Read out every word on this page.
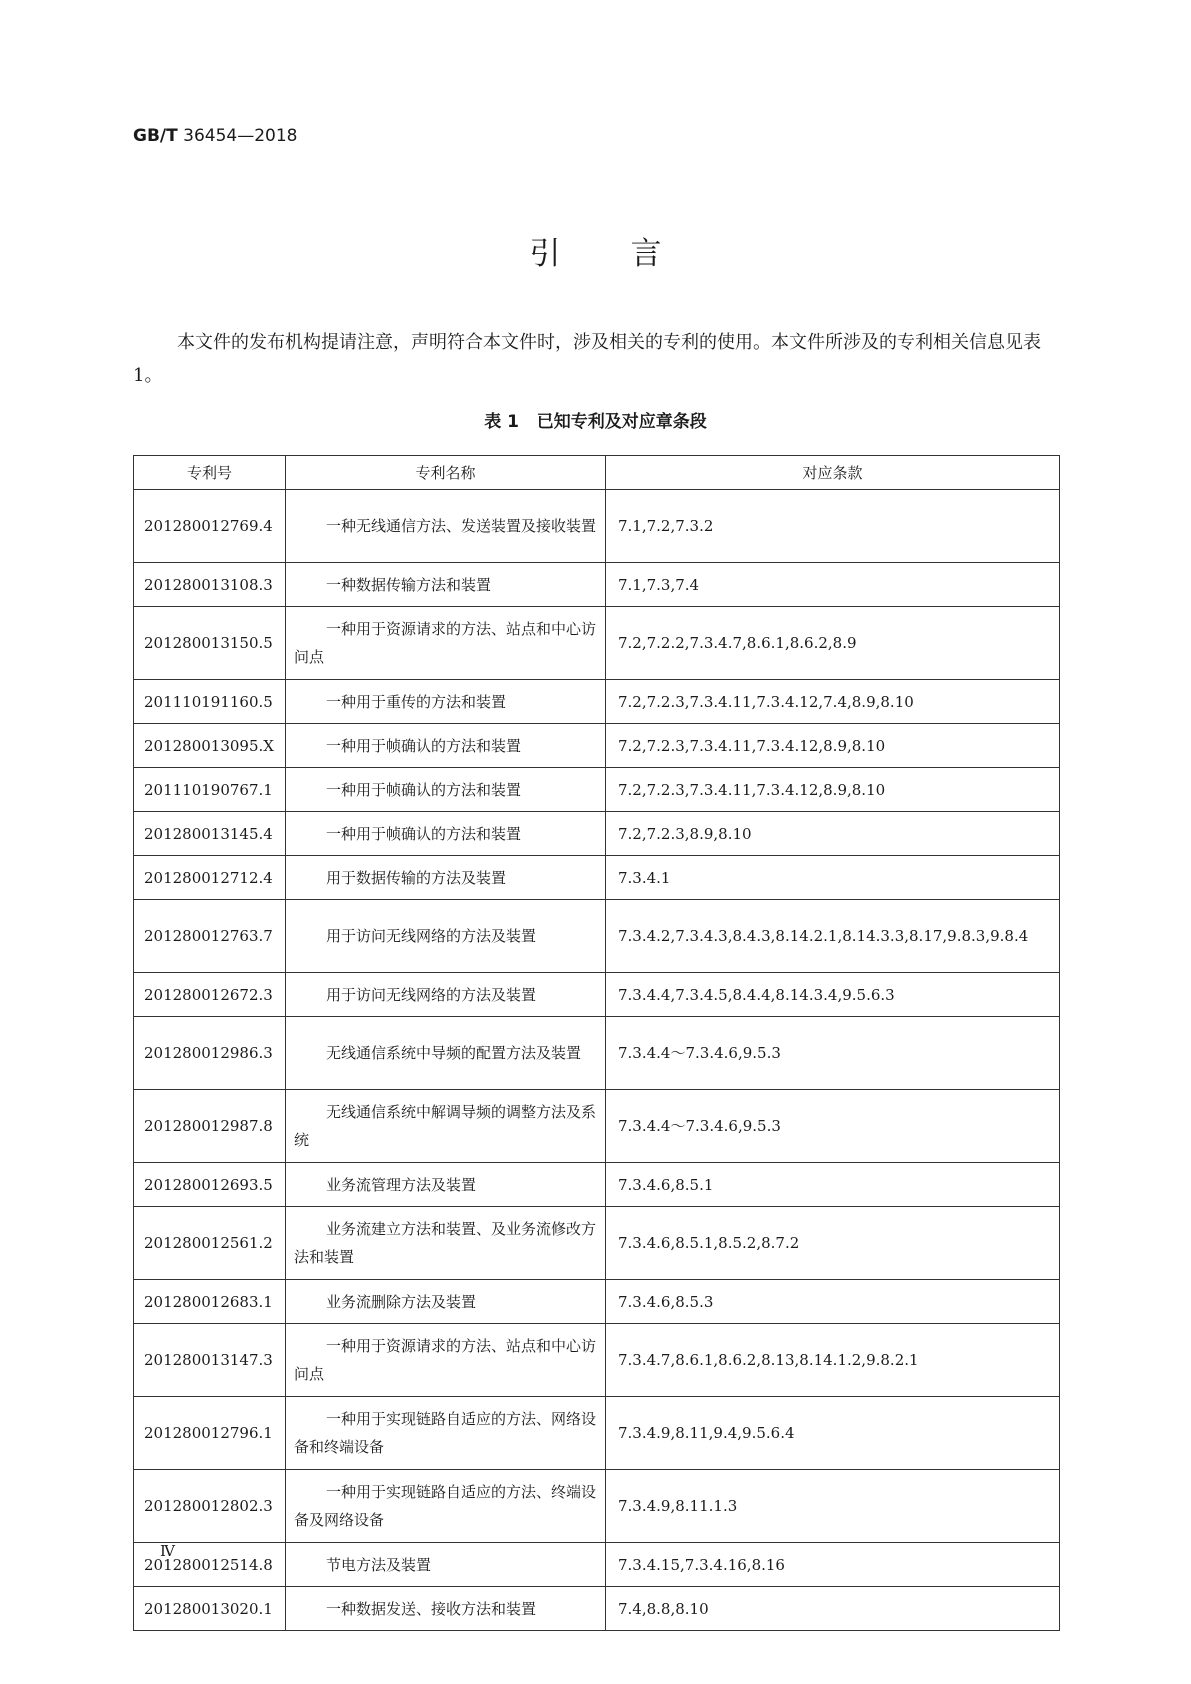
GB/T 36454—2018
引言

本文件的发布机构提请注意，声明符合本文件时，涉及相关的专利的使用。本文件所涉及的专利相关信息见表1。

表 1   已知专利及对应章条段
专利号	专利名称	对应条款
201280012769.4	一种无线通信方法、发送装置及接收装置	7.1,7.2,7.3.2
201280013108.3	一种数据传输方法和装置	7.1,7.3,7.4
201280013150.5	一种用于资源请求的方法、站点和中心访问点	7.2,7.2.2,7.3.4.7,8.6.1,8.6.2,8.9
201110191160.5	一种用于重传的方法和装置	7.2,7.2.3,7.3.4.11,7.3.4.12,7.4,8.9,8.10
201280013095.X	一种用于帧确认的方法和装置	7.2,7.2.3,7.3.4.11,7.3.4.12,8.9,8.10
201110190767.1	一种用于帧确认的方法和装置	7.2,7.2.3,7.3.4.11,7.3.4.12,8.9,8.10
201280013145.4	一种用于帧确认的方法和装置	7.2,7.2.3,8.9,8.10
201280012712.4	用于数据传输的方法及装置	7.3.4.1
201280012763.7	用于访问无线网络的方法及装置	7.3.4.2,7.3.4.3,8.4.3,8.14.2.1,8.14.3.3,8.17,9.8.3,9.8.4
201280012672.3	用于访问无线网络的方法及装置	7.3.4.4,7.3.4.5,8.4.4,8.14.3.4,9.5.6.3
201280012986.3	无线通信系统中导频的配置方法及装置	7.3.4.4～7.3.4.6,9.5.3
201280012987.8	无线通信系统中解调导频的调整方法及系统	7.3.4.4～7.3.4.6,9.5.3
201280012693.5	业务流管理方法及装置	7.3.4.6,8.5.1
201280012561.2	业务流建立方法和装置、及业务流修改方法和装置	7.3.4.6,8.5.1,8.5.2,8.7.2
201280012683.1	业务流删除方法及装置	7.3.4.6,8.5.3
201280013147.3	一种用于资源请求的方法、站点和中心访问点	7.3.4.7,8.6.1,8.6.2,8.13,8.14.1.2,9.8.2.1
201280012796.1	一种用于实现链路自适应的方法、网络设备和终端设备	7.3.4.9,8.11,9.4,9.5.6.4
201280012802.3	一种用于实现链路自适应的方法、终端设备及网络设备	7.3.4.9,8.11.1.3
201280012514.8	节电方法及装置	7.3.4.15,7.3.4.16,8.16
201280013020.1	一种数据发送、接收方法和装置	7.4,8.8,8.10
Ⅳ
